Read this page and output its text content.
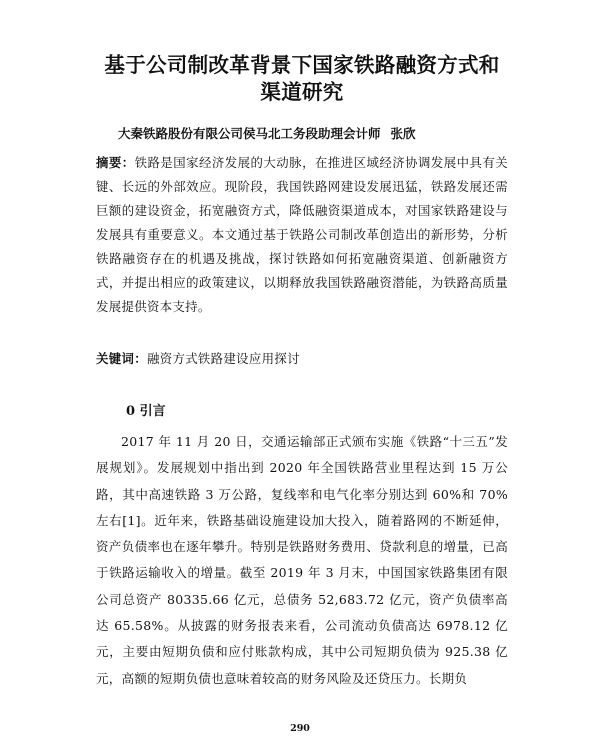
基于公司制改革背景下国家铁路融资方式和渠道研究
大秦铁路股份有限公司侯马北工务段助理会计师 张欣

摘要：铁路是国家经济发展的大动脉，在推进区域经济协调发展中具有关键、长远的外部效应。现阶段，我国铁路网建设发展迅猛，铁路发展还需巨额的建设资金，拓宽融资方式，降低融资渠道成本，对国家铁路建设与发展具有重要意义。本文通过基于铁路公司制改革创造出的新形势，分析铁路融资存在的机遇及挑战，探讨铁路如何拓宽融资渠道、创新融资方式，并提出相应的政策建议，以期释放我国铁路融资潜能，为铁路高质量发展提供资本支持。

关键词：融资方式铁路建设应用探讨

0 引言

2017 年 11 月 20 日，交通运输部正式颁布实施《铁路“十三五”发展规划》。发展规划中指出到 2020 年全国铁路营业里程达到 15 万公路，其中高速铁路 3 万公路，复线率和电气化率分别达到 60%和 70%左右[1]。近年来，铁路基础设施建设加大投入，随着路网的不断延伸，资产负债率也在逐年攀升。特别是铁路财务费用、贷款利息的增量，已高于铁路运输收入的增量。截至 2019 年 3 月末，中国国家铁路集团有限公司总资产 80335.66 亿元，总债务 52,683.72 亿元，资产负债率高达 65.58%。从披露的财务报表来看，公司流动负债高达 6978.12 亿元，主要由短期负债和应付账款构成，其中公司短期负债为 925.38 亿元，高额的短期负债也意味着较高的财务风险及还贷压力。长期负

290
